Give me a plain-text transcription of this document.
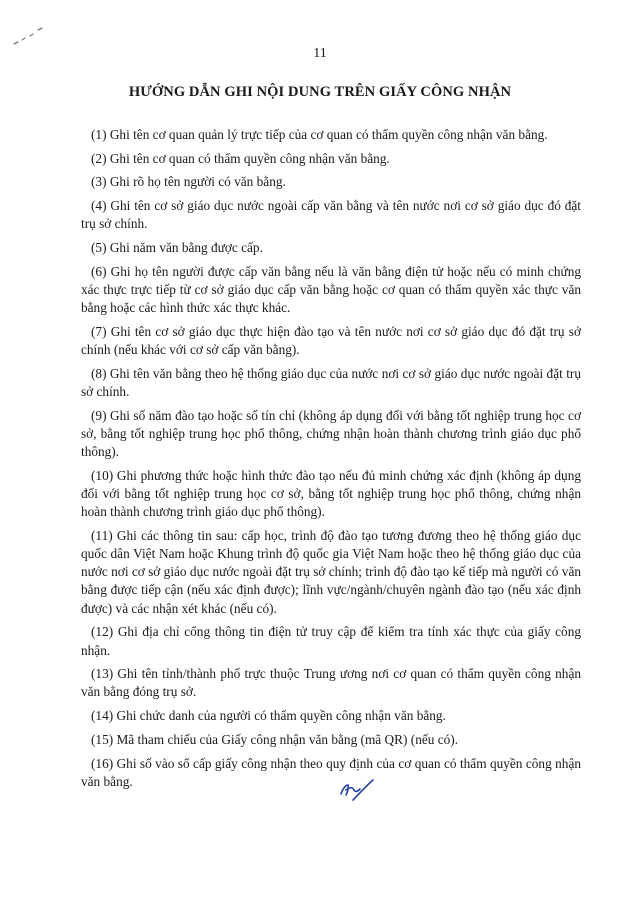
11
HƯỚNG DẪN GHI NỘI DUNG TRÊN GIẤY CÔNG NHẬN

(1) Ghi tên cơ quan quản lý trực tiếp của cơ quan có thẩm quyền công nhận văn bằng.

(2) Ghi tên cơ quan có thẩm quyền công nhận văn bằng.

(3) Ghi rõ họ tên người có văn bằng.

(4) Ghi tên cơ sở giáo dục nước ngoài cấp văn bằng và tên nước nơi cơ sở giáo dục đó đặt trụ sở chính.

(5) Ghi năm văn bằng được cấp.

(6) Ghi họ tên người được cấp văn bằng nếu là văn bằng điện tử hoặc nếu có minh chứng xác thực trực tiếp từ cơ sở giáo dục cấp văn bằng hoặc cơ quan có thẩm quyền xác thực văn bằng hoặc các hình thức xác thực khác.

(7) Ghi tên cơ sở giáo dục thực hiện đào tạo và tên nước nơi cơ sở giáo dục đó đặt trụ sở chính (nếu khác với cơ sở cấp văn bằng).

(8) Ghi tên văn bằng theo hệ thống giáo dục của nước nơi cơ sở giáo dục nước ngoài đặt trụ sở chính.

(9) Ghi số năm đào tạo hoặc số tín chỉ (không áp dụng đối với bằng tốt nghiệp trung học cơ sở, bằng tốt nghiệp trung học phổ thông, chứng nhận hoàn thành chương trình giáo dục phổ thông).

(10) Ghi phương thức hoặc hình thức đào tạo nếu đủ minh chứng xác định (không áp dụng đối với bằng tốt nghiệp trung học cơ sở, bằng tốt nghiệp trung học phổ thông, chứng nhận hoàn thành chương trình giáo dục phổ thông).

(11) Ghi các thông tin sau: cấp học, trình độ đào tạo tương đương theo hệ thống giáo dục quốc dân Việt Nam hoặc Khung trình độ quốc gia Việt Nam hoặc theo hệ thống giáo dục của nước nơi cơ sở giáo dục nước ngoài đặt trụ sở chính; trình độ đào tạo kế tiếp mà người có văn bằng được tiếp cận (nếu xác định được); lĩnh vực/ngành/chuyên ngành đào tạo (nếu xác định được) và các nhận xét khác (nếu có).

(12) Ghi địa chỉ cổng thông tin điện tử truy cập để kiểm tra tính xác thực của giấy công nhận.

(13) Ghi tên tỉnh/thành phố trực thuộc Trung ương nơi cơ quan có thẩm quyền công nhận văn bằng đóng trụ sở.

(14) Ghi chức danh của người có thẩm quyền công nhận văn bằng.

(15) Mã tham chiếu của Giấy công nhận văn bằng (mã QR) (nếu có).

(16) Ghi số vào sổ cấp giấy công nhận theo quy định của cơ quan có thẩm quyền công nhận văn bằng.
